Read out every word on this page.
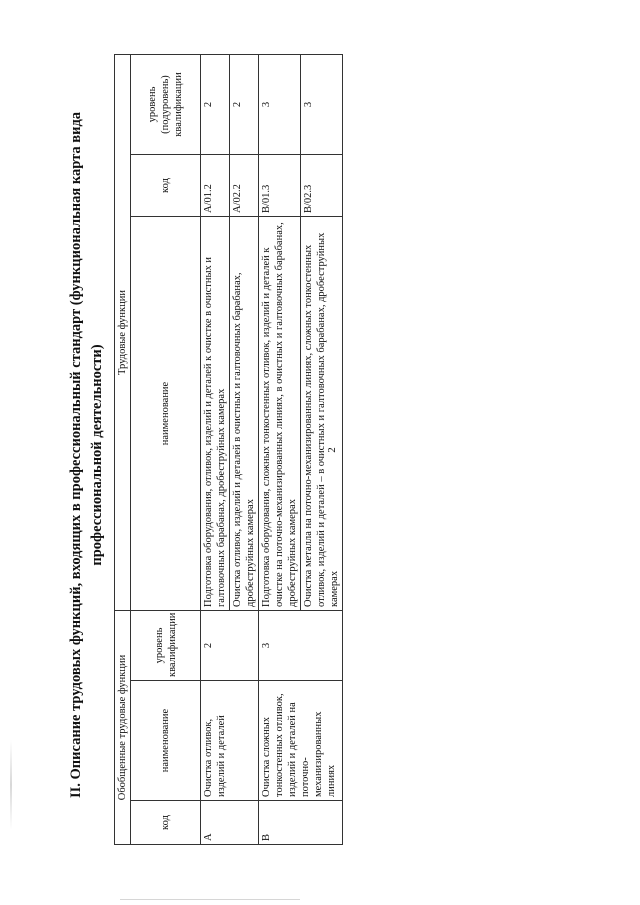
2
II. Описание трудовых функций, входящих в профессиональный стандарт (функциональная карта вида профессиональной деятельности)
Обобщенные трудовые функции			Трудовые функции		
код	наименование	уровень квалификации	наименование	код	уровень (подуровень) квалификации
A	Очистка отливок, изделий и деталей	2	Подготовка оборудования, отливок, изделий и деталей к очистке в очистных и галтовочных барабанах, дробеструйных камерах	A/01.2	2
			Очистка отливок, изделий и деталей в очистных и галтовочных барабанах, дробеструйных камерах	A/02.2	2
B	Очистка сложных тонкостенных отливок, изделий и деталей на поточно-механизированных линиях	3	Подготовка оборудования, сложных тонкостенных отливок, изделий и деталей к очистке на поточно-механизированных линиях, в очистных и галтовочных барабанах, дробеструйных камерах	B/01.3	3
			Очистка металла на поточно-механизированных линиях, сложных тонкостенных отливок, изделий и деталей – в очистных и галтовочных барабанах, дробеструйных камерах	B/02.3	3
